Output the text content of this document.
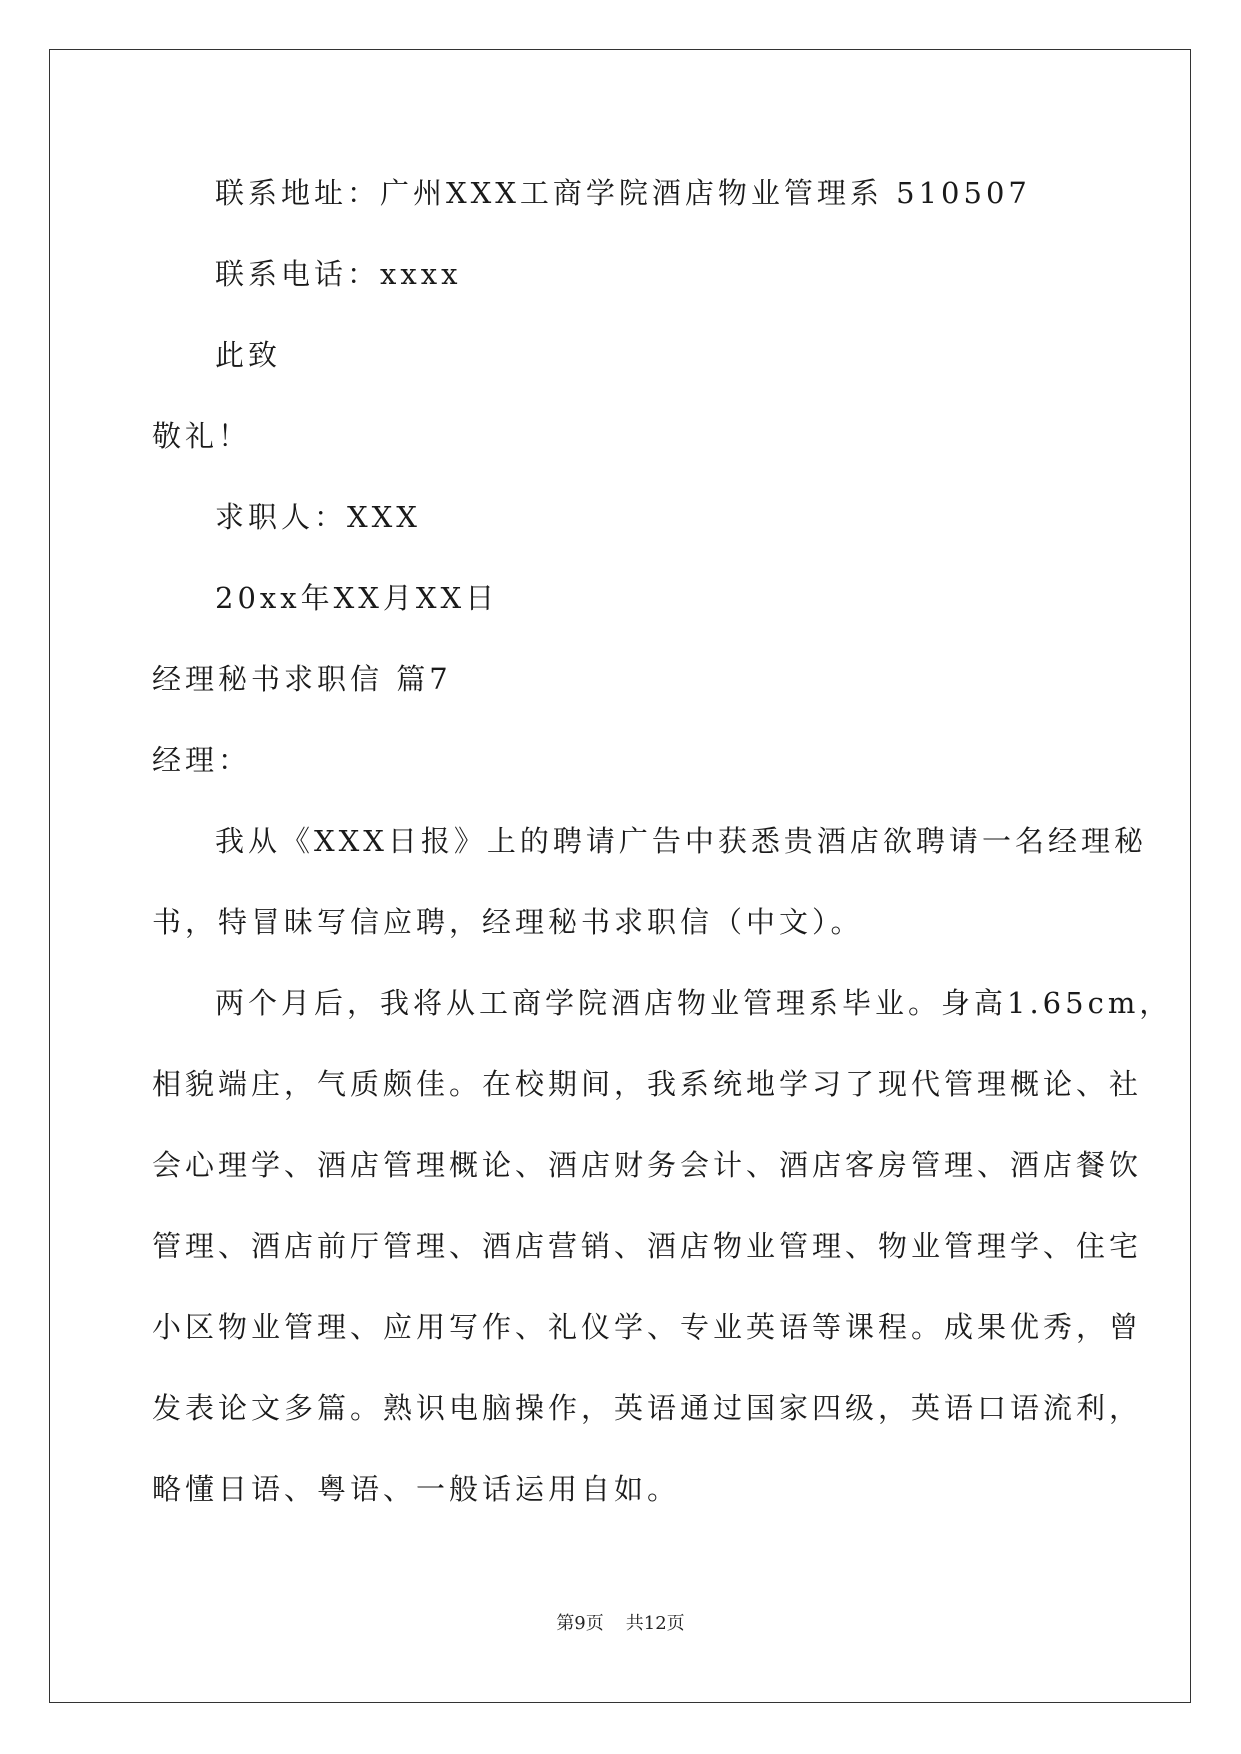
联系地址：广州XXX工商学院酒店物业管理系 510507
联系电话：xxxx
此致
敬礼！
求职人：XXX
20xx年XX月XX日
经理秘书求职信 篇7
经理：
我从《XXX日报》上的聘请广告中获悉贵酒店欲聘请一名经理秘
书，特冒昧写信应聘，经理秘书求职信（中文）。
两个月后，我将从工商学院酒店物业管理系毕业。身高1.65cm，
相貌端庄，气质颇佳。在校期间，我系统地学习了现代管理概论、社
会心理学、酒店管理概论、酒店财务会计、酒店客房管理、酒店餐饮
管理、酒店前厅管理、酒店营销、酒店物业管理、物业管理学、住宅
小区物业管理、应用写作、礼仪学、专业英语等课程。成果优秀，曾
发表论文多篇。熟识电脑操作，英语通过国家四级，英语口语流利，
略懂日语、粤语、一般话运用自如。
第9页 共12页
